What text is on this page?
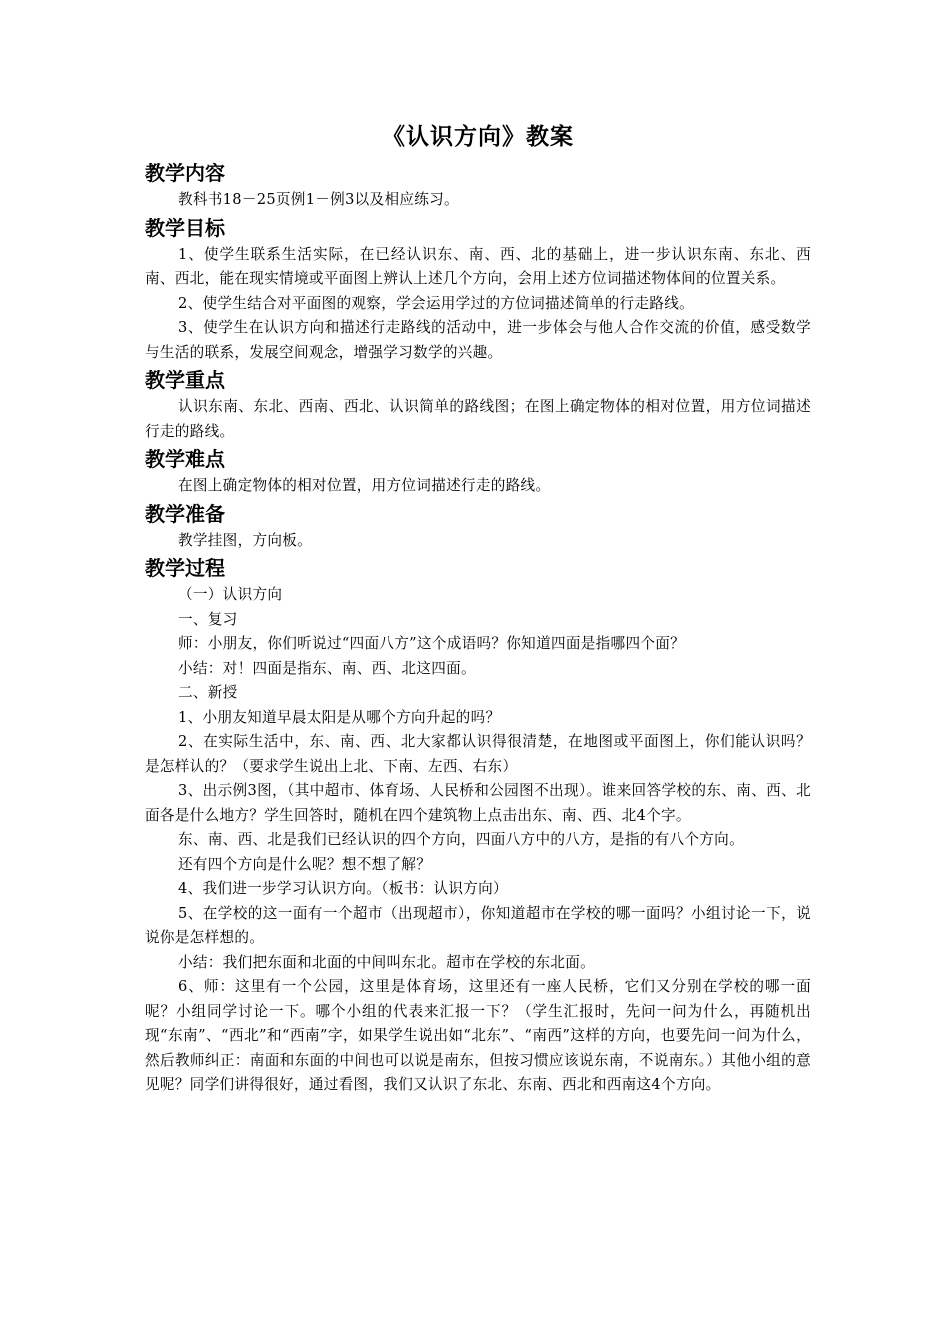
《认识方向》教案
教学内容

教科书18－25页例1－例3以及相应练习。

教学目标

1、使学生联系生活实际，在已经认识东、南、西、北的基础上，进一步认识东南、东北、西南、西北，能在现实情境或平面图上辨认上述几个方向，会用上述方位词描述物体间的位置关系。

2、使学生结合对平面图的观察，学会运用学过的方位词描述简单的行走路线。

3、使学生在认识方向和描述行走路线的活动中，进一步体会与他人合作交流的价值，感受数学与生活的联系，发展空间观念，增强学习数学的兴趣。

教学重点

认识东南、东北、西南、西北、认识简单的路线图；在图上确定物体的相对位置，用方位词描述行走的路线。

教学难点

在图上确定物体的相对位置，用方位词描述行走的路线。

教学准备

教学挂图，方向板。

教学过程

（一）认识方向

一、复习

师：小朋友，你们听说过“四面八方”这个成语吗？你知道四面是指哪四个面？

小结：对！四面是指东、南、西、北这四面。

二、新授

1、小朋友知道早晨太阳是从哪个方向升起的吗？

2、在实际生活中，东、南、西、北大家都认识得很清楚，在地图或平面图上，你们能认识吗？是怎样认的？（要求学生说出上北、下南、左西、右东）

3、出示例3图，（其中超市、体育场、人民桥和公园图不出现）。谁来回答学校的东、南、西、北面各是什么地方？学生回答时，随机在四个建筑物上点击出东、南、西、北4个字。

东、南、西、北是我们已经认识的四个方向，四面八方中的八方，是指的有八个方向。

还有四个方向是什么呢？想不想了解？

4、我们进一步学习认识方向。（板书：认识方向）

5、在学校的这一面有一个超市（出现超市），你知道超市在学校的哪一面吗？小组讨论一下，说说你是怎样想的。

小结：我们把东面和北面的中间叫东北。超市在学校的东北面。

6、师：这里有一个公园，这里是体育场，这里还有一座人民桥，它们又分别在学校的哪一面呢？小组同学讨论一下。哪个小组的代表来汇报一下？（学生汇报时，先问一问为什么，再随机出现“东南”、“西北”和“西南”字，如果学生说出如“北东”、“南西”这样的方向，也要先问一问为什么，然后教师纠正：南面和东面的中间也可以说是南东，但按习惯应该说东南，不说南东。）其他小组的意见呢？同学们讲得很好，通过看图，我们又认识了东北、东南、西北和西南这4个方向。
